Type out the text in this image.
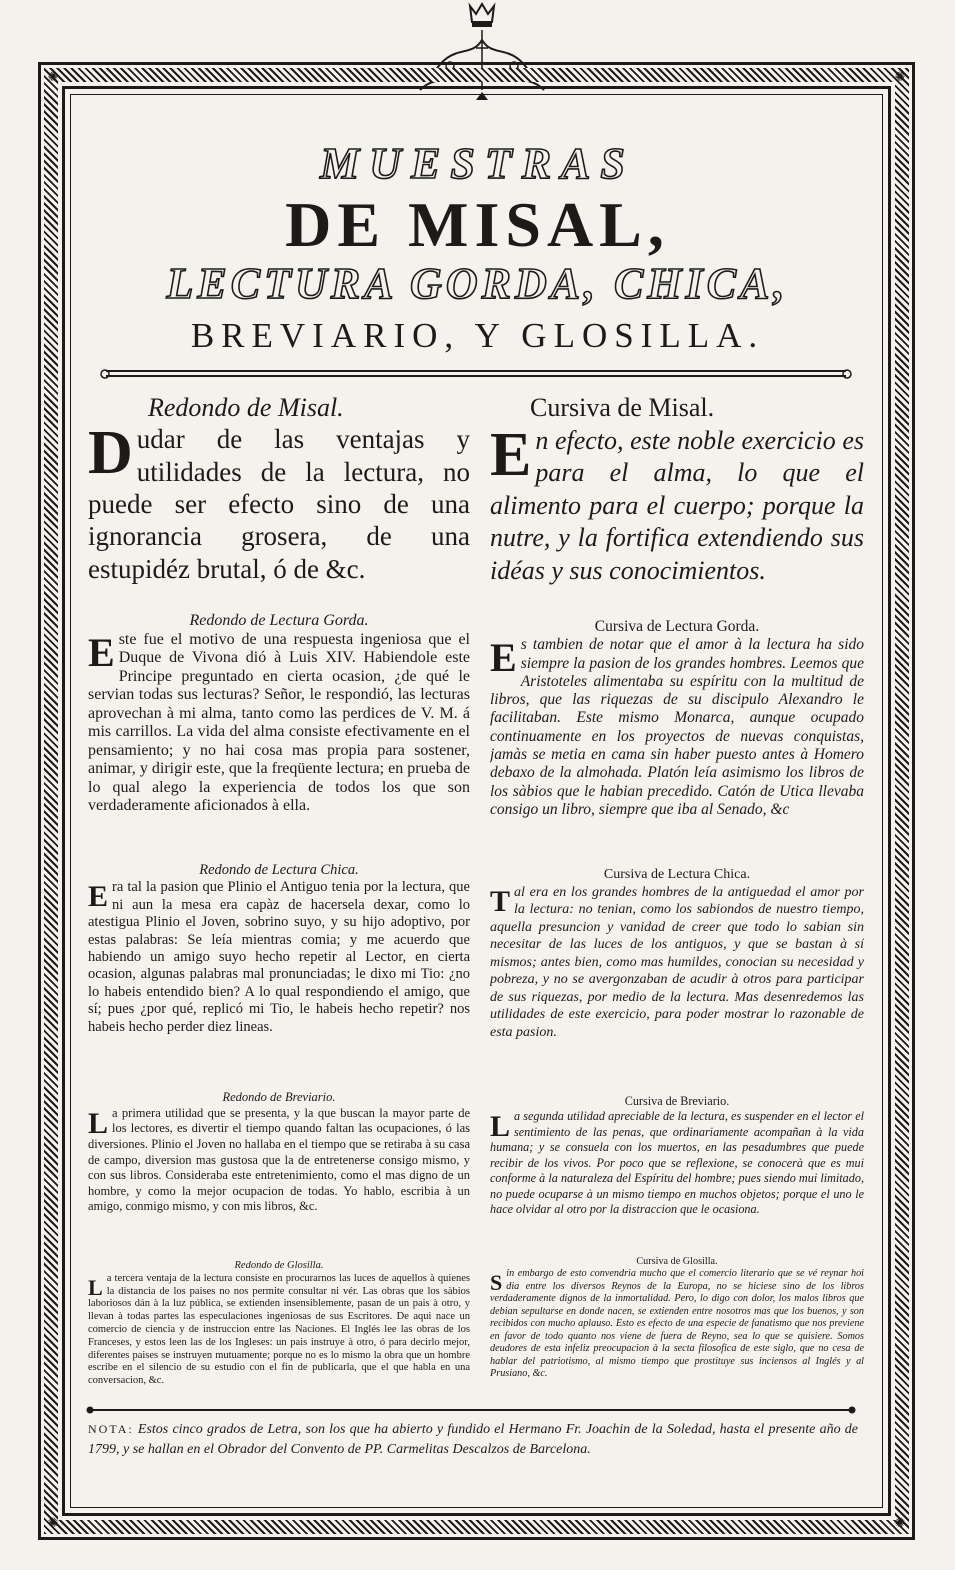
✺	✺
✺	✺
MUESTRAS
DE MISAL,
LECTURA GORDA, CHICA,
BREVIARIO, Y GLOSILLA.
Redondo de Misal.
D udar de las ventajas y utilidades de la lectura, no puede ser efecto sino de una ignorancia grosera, de una estupidéz brutal, ó de &c.
Redondo de Lectura Gorda.
E ste fue el motivo de una respuesta ingeniosa que el Duque de Vivona dió à Luis XIV. Habiendole este Principe preguntado en cierta ocasion, ¿de qué le servian todas sus lecturas? Señor, le respondió, las lecturas aprovechan à mi alma, tanto como las perdices de V. M. á mis carrillos. La vida del alma consiste efectivamente en el pensamiento; y no hai cosa mas propia para sostener, animar, y dirigir este, que la freqüente lectura; en prueba de lo qual alego la experiencia de todos los que son verdaderamente aficionados à ella.
Redondo de Lectura Chica.
E ra tal la pasion que Plinio el Antiguo tenia por la lectura, que ni aun la mesa era capàz de hacersela dexar, como lo atestigua Plinio el Joven, sobrino suyo, y su hijo adoptivo, por estas palabras: Se leía mientras comia; y me acuerdo que habiendo un amigo suyo hecho repetir al Lector, en cierta ocasion, algunas palabras mal pronunciadas; le dixo mi Tio: ¿no lo habeis entendido bien? A lo qual respondiendo el amigo, que sí; pues ¿por qué, replicó mi Tio, le habeis hecho repetir? nos habeis hecho perder diez lineas.
Redondo de Breviario.
L a primera utilidad que se presenta, y la que buscan la mayor parte de los lectores, es divertir el tiempo quando faltan las ocupaciones, ó las diversiones. Plinio el Joven no hallaba en el tiempo que se retiraba à su casa de campo, diversion mas gustosa que la de entretenerse consigo mismo, y con sus libros. Consideraba este entretenimiento, como el mas digno de un hombre, y como la mejor ocupacion de todas. Yo hablo, escribia à un amigo, conmigo mismo, y con mis libros, &c.
Redondo de Glosilla.
L a tercera ventaja de la lectura consiste en procurarnos las luces de aquellos à quienes la distancia de los paises no nos permite consultar ni vér. Las obras que los sàbios laboriosos dán à la luz pública, se extienden insensiblemente, pasan de un pais à otro, y llevan à todas partes las especulaciones ingeniosas de sus Escritores. De aqui nace un comercio de ciencia y de instruccion entre las Naciones. El Inglés lee las obras de los Franceses, y estos leen las de los Ingleses: un pais instruye à otro, ó para decirlo mejor, diferentes paises se instruyen mutuamente; porque no es lo mismo la obra que un hombre escribe en el silencio de su estudio con el fin de publicarla, que el que habla en una conversacion, &c.
Cursiva de Misal.
E n efecto, este noble exercicio es para el alma, lo que el alimento para el cuerpo; porque la nutre, y la fortifica extendiendo sus idéas y sus conocimientos.
Cursiva de Lectura Gorda.
E s tambien de notar que el amor à la lectura ha sido siempre la pasion de los grandes hombres. Leemos que Aristoteles alimentaba su espíritu con la multitud de libros, que las riquezas de su discipulo Alexandro le facilitaban. Este mismo Monarca, aunque ocupado continuamente en los proyectos de nuevas conquistas, jamàs se metia en cama sin haber puesto antes à Homero debaxo de la almohada. Platón leía asimismo los libros de los sàbios que le habian precedido. Catón de Utica llevaba consigo un libro, siempre que iba al Senado, &c
Cursiva de Lectura Chica.
T al era en los grandes hombres de la antiguedad el amor por la lectura: no tenian, como los sabiondos de nuestro tiempo, aquella presuncion y vanidad de creer que todo lo sabian sin necesitar de las luces de los antiguos, y que se bastan à sí mismos; antes bien, como mas humildes, conocian su necesidad y pobreza, y no se avergonzaban de acudir à otros para participar de sus riquezas, por medio de la lectura. Mas desenredemos las utilidades de este exercicio, para poder mostrar lo razonable de esta pasion.
Cursiva de Breviario.
L a segunda utilidad apreciable de la lectura, es suspender en el lector el sentimiento de las penas, que ordinariamente acompañan à la vida humana; y se consuela con los muertos, en las pesadumbres que puede recibir de los vivos. Por poco que se reflexione, se conocerà que es mui conforme à la naturaleza del Espíritu del hombre; pues siendo mui limitado, no puede ocuparse à un mismo tiempo en muchos objetos; porque el uno le hace olvidar al otro por la distraccion que le ocasiona.
Cursiva de Glosilla.
S in embargo de esto convendria mucho que el comercio literario que se vé reynar hoi dia entre los diversos Reynos de la Europa, no se hiciese sino de los libros verdaderamente dignos de la inmortalidad. Pero, lo digo con dolor, los malos libros que debian sepultarse en donde nacen, se extienden entre nosotros mas que los buenos, y son recibidos con mucho aplauso. Esto es efecto de una especie de fanatismo que nos previene en favor de todo quanto nos viene de fuera de Reyno, sea lo que se quisiere. Somos deudores de esta infeliz preocupacion à la secta filosofica de este siglo, que no cesa de hablar del patriotismo, al mismo tiempo que prostituye sus inciensos al Inglés y al Prusiano, &c.
NOTA: Estos cinco grados de Letra, son los que ha abierto y fundido el Hermano Fr. Joachin de la Soledad, hasta el presente año de 1799, y se hallan en el Obrador del Convento de PP. Carmelitas Descalzos de Barcelona.
